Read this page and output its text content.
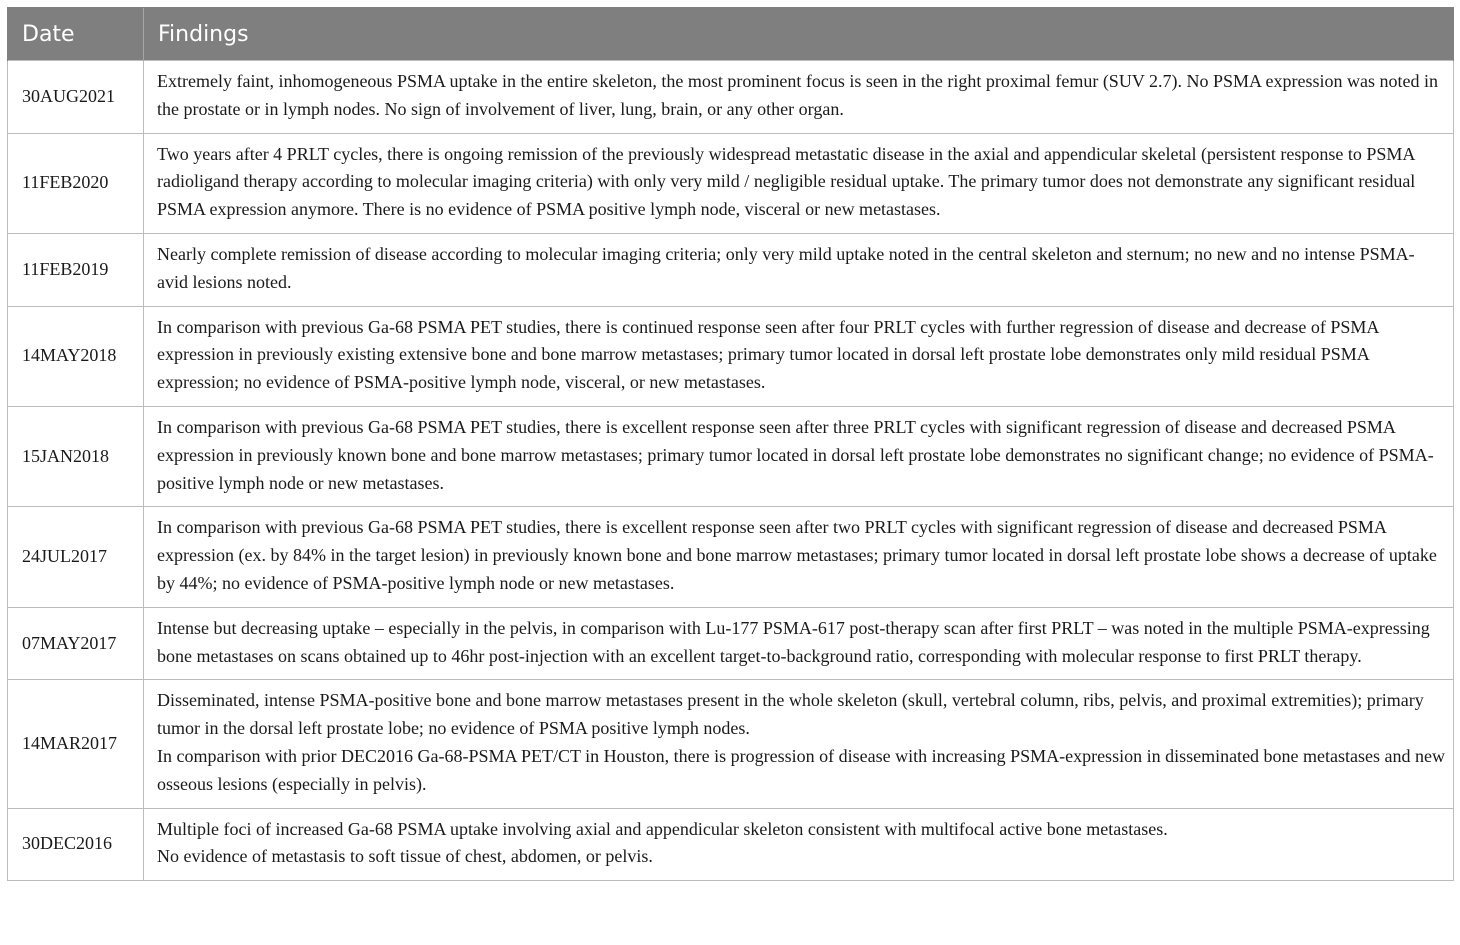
Date	Findings
30AUG2021	Extremely faint, inhomogeneous PSMA uptake in the entire skeleton, the most prominent focus is seen in the right proximal femur (SUV 2.7). No PSMA expression was noted in the prostate or in lymph nodes. No sign of involvement of liver, lung, brain, or any other organ.

11FEB2020	Two years after 4 PRLT cycles, there is ongoing remission of the previously widespread metastatic disease in the axial and appendicular skeletal (persistent response to PSMA radioligand therapy according to molecular imaging criteria) with only very mild / negligible residual uptake. The primary tumor does not demonstrate any significant residual PSMA expression anymore. There is no evidence of PSMA positive lymph node, visceral or new metastases.

11FEB2019	Nearly complete remission of disease according to molecular imaging criteria; only very mild uptake noted in the central skeleton and sternum; no new and no intense PSMA-avid lesions noted.

14MAY2018	In comparison with previous Ga-68 PSMA PET studies, there is continued response seen after four PRLT cycles with further regression of disease and decrease of PSMA expression in previously existing extensive bone and bone marrow metastases; primary tumor located in dorsal left prostate lobe demonstrates only mild residual PSMA expression; no evidence of PSMA-positive lymph node, visceral, or new metastases.

15JAN2018	In comparison with previous Ga-68 PSMA PET studies, there is excellent response seen after three PRLT cycles with significant regression of disease and decreased PSMA expression in previously known bone and bone marrow metastases; primary tumor located in dorsal left prostate lobe demonstrates no significant change; no evidence of PSMA-positive lymph node or new metastases.

24JUL2017	In comparison with previous Ga-68 PSMA PET studies, there is excellent response seen after two PRLT cycles with significant regression of disease and decreased PSMA expression (ex. by 84% in the target lesion) in previously known bone and bone marrow metastases; primary tumor located in dorsal left prostate lobe shows a decrease of uptake by 44%; no evidence of PSMA-positive lymph node or new metastases.

07MAY2017	Intense but decreasing uptake – especially in the pelvis, in comparison with Lu-177 PSMA-617 post-therapy scan after first PRLT – was noted in the multiple PSMA-expressing bone metastases on scans obtained up to 46hr post-injection with an excellent target-to-background ratio, corresponding with molecular response to first PRLT therapy.

14MAR2017	Disseminated, intense PSMA-positive bone and bone marrow metastases present in the whole skeleton (skull, vertebral column, ribs, pelvis, and proximal extremities); primary tumor in the dorsal left prostate lobe; no evidence of PSMA positive lymph nodes.
In comparison with prior DEC2016 Ga-68-PSMA PET/CT in Houston, there is progression of disease with increasing PSMA-expression in disseminated bone metastases and new osseous lesions (especially in pelvis).

30DEC2016	Multiple foci of increased Ga-68 PSMA uptake involving axial and appendicular skeleton consistent with multifocal active bone metastases.
No evidence of metastasis to soft tissue of chest, abdomen, or pelvis.
